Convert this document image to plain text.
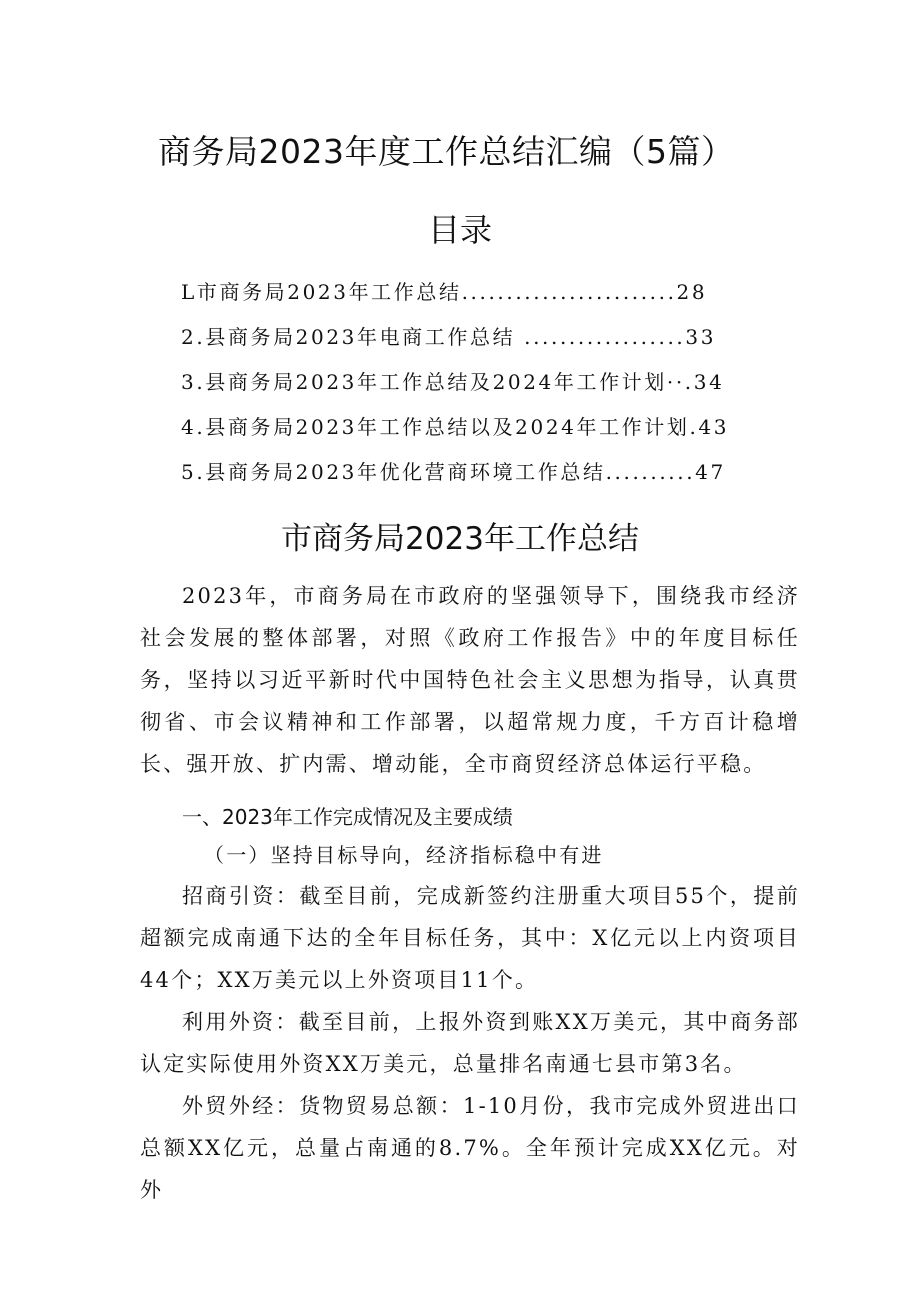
商务局2023年度工作总结汇编（5篇）
目录
L市商务局2023年工作总结........................28
2.县商务局2023年电商工作总结 ..................33
3.县商务局2023年工作总结及2024年工作计划··.34
4.县商务局2023年工作总结以及2024年工作计划.43
5.县商务局2023年优化营商环境工作总结..........47
市商务局2023年工作总结

2023年，市商务局在市政府的坚强领导下，围绕我市经济社会发展的整体部署，对照《政府工作报告》中的年度目标任务，坚持以习近平新时代中国特色社会主义思想为指导，认真贯彻省、市会议精神和工作部署，以超常规力度，千方百计稳增长、强开放、扩内需、增动能，全市商贸经济总体运行平稳。

一、2023年工作完成情况及主要成绩
（一）坚持目标导向，经济指标稳中有进

招商引资：截至目前，完成新签约注册重大项目55个，提前超额完成南通下达的全年目标任务，其中：X亿元以上内资项目44个；XX万美元以上外资项目11个。

利用外资：截至目前，上报外资到账XX万美元，其中商务部认定实际使用外资XX万美元，总量排名南通七县市第3名。

外贸外经：货物贸易总额：1-10月份，我市完成外贸进出口总额XX亿元，总量占南通的8.7%。全年预计完成XX亿元。对外
